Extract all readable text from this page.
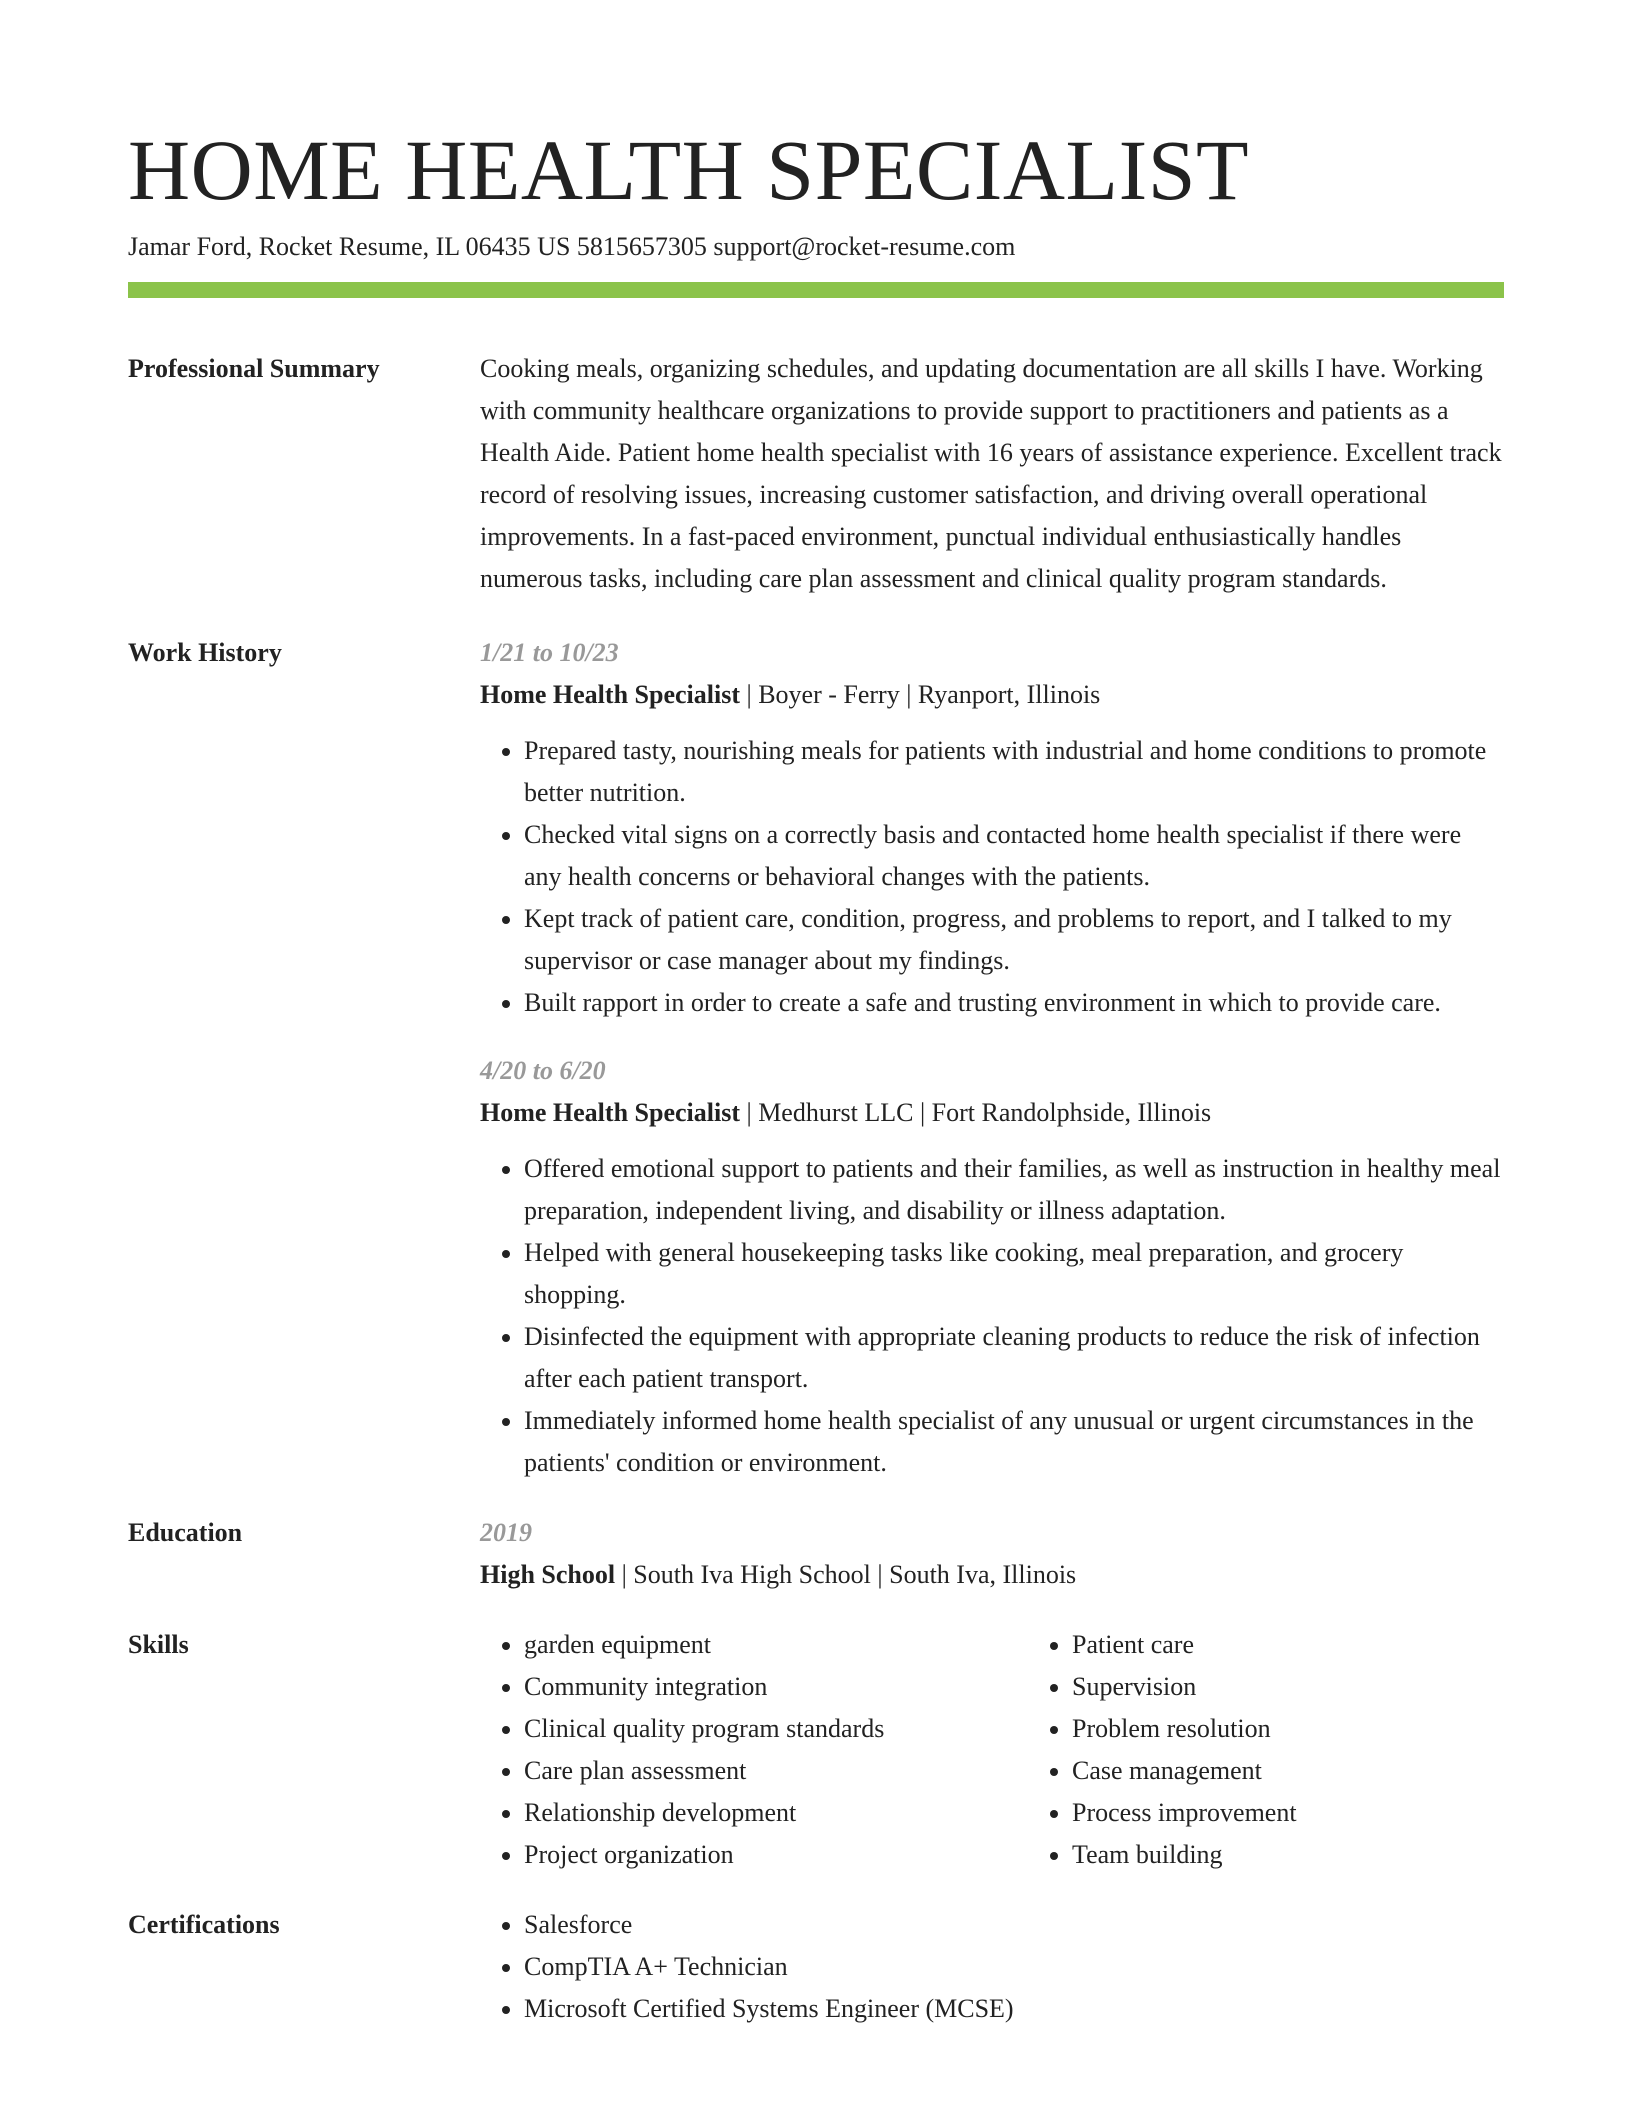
HOME HEALTH SPECIALIST
Jamar Ford, Rocket Resume, IL 06435 US 5815657305 support@rocket-resume.com
Professional Summary	Cooking meals, organizing schedules, and updating documentation are all skills I have. Working with community healthcare organizations to provide support to practitioners and patients as a Health Aide. Patient home health specialist with 16 years of assistance experience. Excellent track record of resolving issues, increasing customer satisfaction, and driving overall operational improvements. In a fast-paced environment, punctual individual enthusiastically handles numerous tasks, including care plan assessment and clinical quality program standards.
Work History	1/21 to 10/23
Home Health Specialist | Boyer - Ferry | Ryanport, Illinois
• Prepared tasty, nourishing meals for patients with industrial and home conditions to promote better nutrition.
• Checked vital signs on a correctly basis and contacted home health specialist if there were any health concerns or behavioral changes with the patients.
• Kept track of patient care, condition, progress, and problems to report, and I talked to my supervisor or case manager about my findings.
• Built rapport in order to create a safe and trusting environment in which to provide care.
4/20 to 6/20
Home Health Specialist | Medhurst LLC | Fort Randolphside, Illinois
• Offered emotional support to patients and their families, as well as instruction in healthy meal preparation, independent living, and disability or illness adaptation.
• Helped with general housekeeping tasks like cooking, meal preparation, and grocery shopping.
• Disinfected the equipment with appropriate cleaning products to reduce the risk of infection after each patient transport.
• Immediately informed home health specialist of any unusual or urgent circumstances in the patients' condition or environment.
Education	2019
High School | South Iva High School | South Iva, Illinois
Skills	• garden equipment
• Community integration
• Clinical quality program standards
• Care plan assessment
• Relationship development
• Project organization
• Patient care
• Supervision
• Problem resolution
• Case management
• Process improvement
• Team building
Certifications	• Salesforce
• CompTIA A+ Technician
• Microsoft Certified Systems Engineer (MCSE)
